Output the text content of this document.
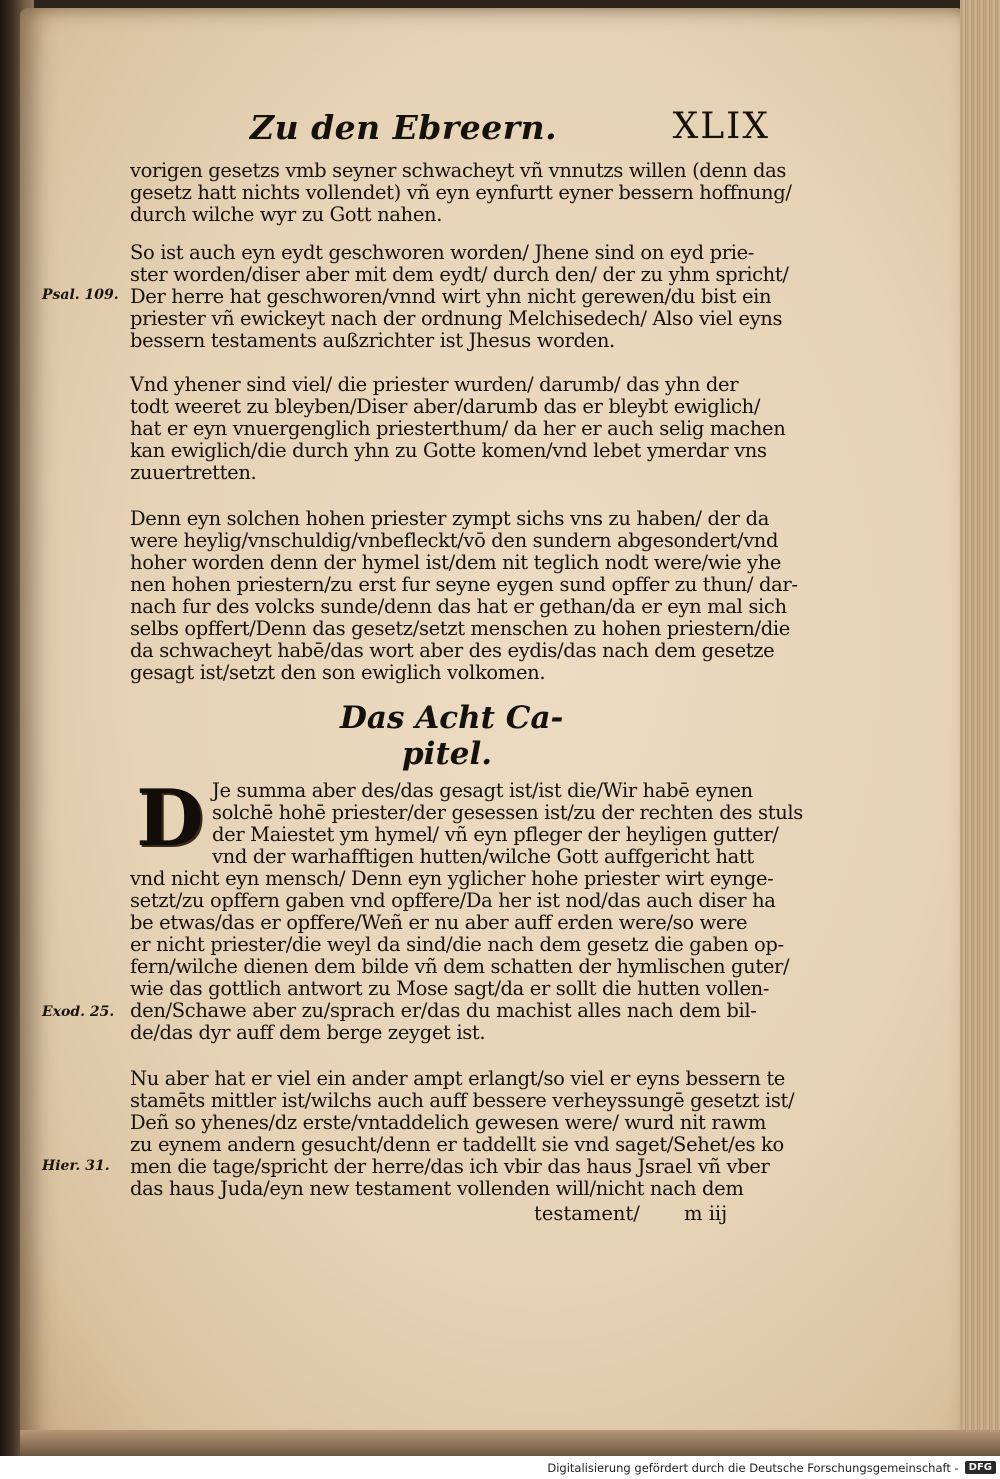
Zu den Ebreern.	XLIX
vorigen gesetzs vmb seyner schwacheyt vñ vnnutzs willen (denn das
gesetz hatt nichts vollendet) vñ eyn eynfurtt eyner bessern hoffnung/
durch wilche wyr zu Gott nahen.
So ist auch eyn eydt geschworen worden/ Jhene sind on eyd prie-
ster worden/diser aber mit dem eydt/ durch den/ der zu yhm spricht/
Der herre hat geschworen/vnnd wirt yhn nicht gerewen/du bist ein
priester vñ ewickeyt nach der ordnung Melchisedech/ Also viel eyns
bessern testaments außzrichter ist Jhesus worden.
Psal. 109.
Vnd yhener sind viel/ die priester wurden/ darumb/ das yhn der
todt weeret zu bleyben/Diser aber/darumb das er bleybt ewiglich/
hat er eyn vnuergenglich priesterthum/ da her er auch selig machen
kan ewiglich/die durch yhn zu Gotte komen/vnd lebet ymerdar vns
zuuertretten.
Denn eyn solchen hohen priester zympt sichs vns zu haben/ der da
were heylig/vnschuldig/vnbefleckt/vō den sundern abgesondert/vnd
hoher worden denn der hymel ist/dem nit teglich nodt were/wie yhe
nen hohen priestern/zu erst fur seyne eygen sund opffer zu thun/ dar-
nach fur des volcks sunde/denn das hat er gethan/da er eyn mal sich
selbs opffert/Denn das gesetz/setzt menschen zu hohen priestern/die
da schwacheyt habē/das wort aber des eydis/das nach dem gesetze
gesagt ist/setzt den son ewiglich volkomen.
Das Acht Ca-
pitel.
D Je summa aber des/das gesagt ist/ist die/Wir habē eynen
solchē hohē priester/der gesessen ist/zu der rechten des stuls
der Maiestet ym hymel/ vñ eyn pfleger der heyligen gutter/
vnd der warhafftigen hutten/wilche Gott auffgericht hatt
vnd nicht eyn mensch/ Denn eyn yglicher hohe priester wirt eynge-
setzt/zu opffern gaben vnd opffere/Da her ist nod/das auch diser ha
be etwas/das er opffere/Weñ er nu aber auff erden were/so were
er nicht priester/die weyl da sind/die nach dem gesetz die gaben op-
fern/wilche dienen dem bilde vñ dem schatten der hymlischen guter/
wie das gottlich antwort zu Mose sagt/da er sollt die hutten vollen-
den/Schawe aber zu/sprach er/das du machist alles nach dem bil-
de/das dyr auff dem berge zeyget ist.
Exod. 25.
Nu aber hat er viel ein ander ampt erlangt/so viel er eyns bessern te
stamēts mittler ist/wilchs auch auff bessere verheyssungē gesetzt ist/
Deñ so yhenes/dz erste/vntaddelich gewesen were/ wurd nit rawm
zu eynem andern gesucht/denn er taddellt sie vnd saget/Sehet/es ko
men die tage/spricht der herre/das ich vbir das haus Jsrael vñ vber
das haus Juda/eyn new testament vollenden will/nicht nach dem
Hier. 31.
testament/ m iij
Digitalisierung gefördert durch die Deutsche Forschungsgemeinschaft -	DFG
